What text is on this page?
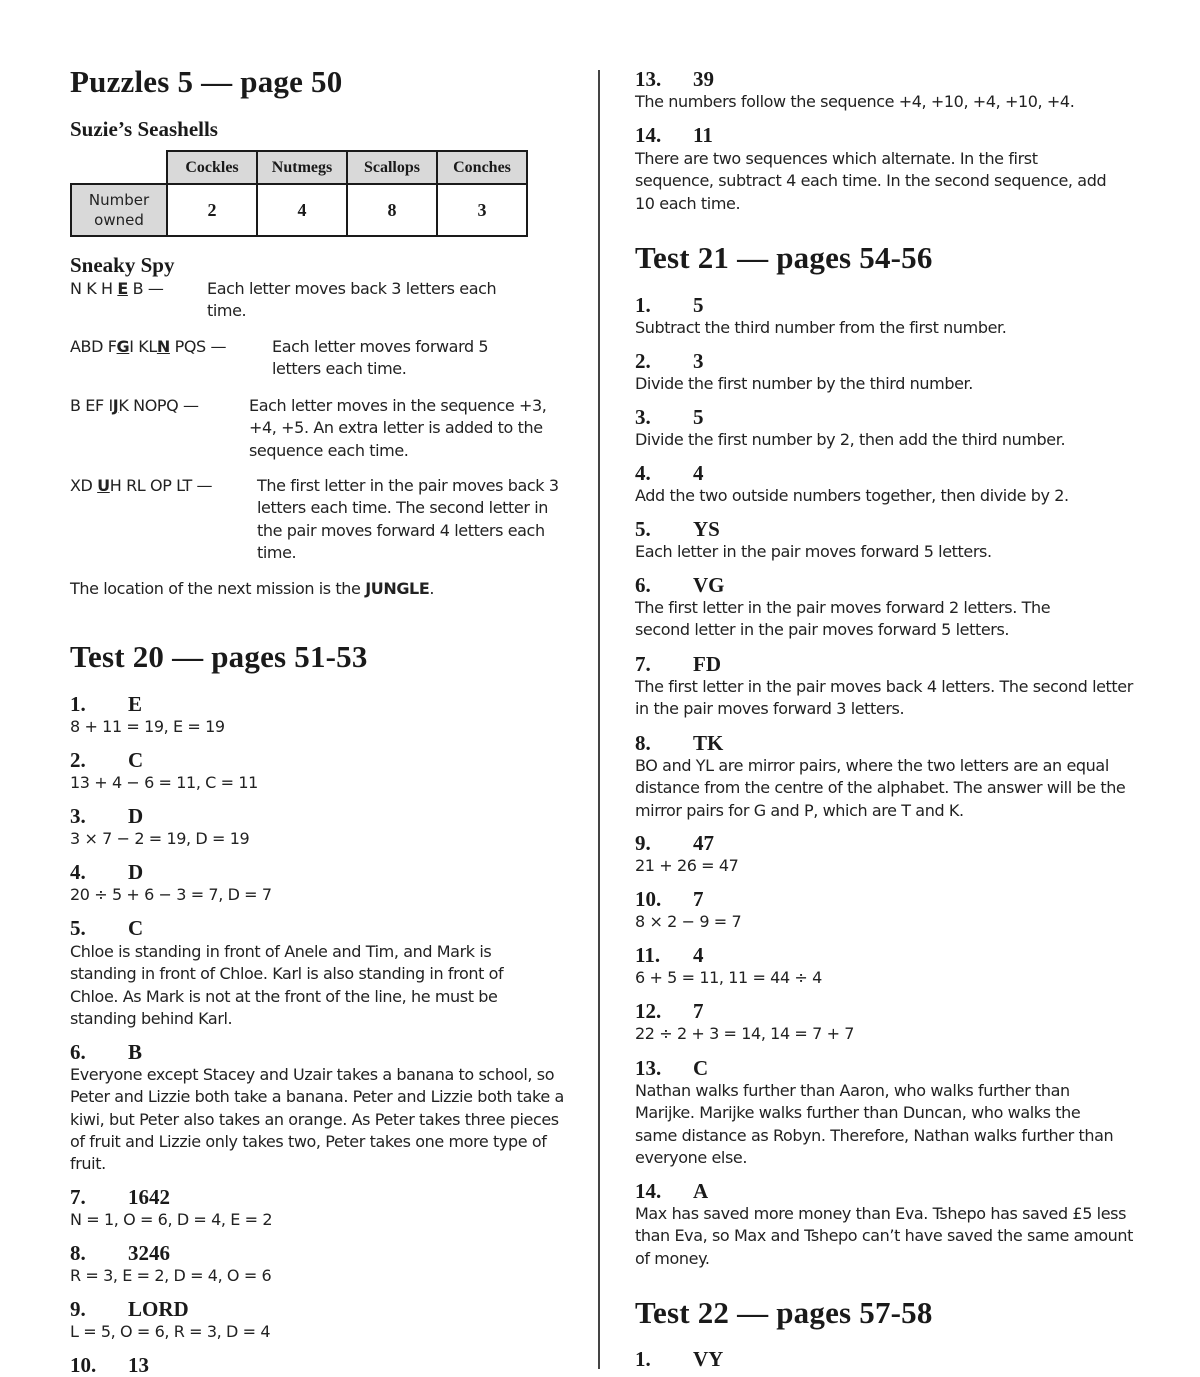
Puzzles 5 — page 50
Suzie’s Seashells
	Cockles	Nutmegs	Scallops	Conches
Number
owned	2	4	8	3
Sneaky Spy
N K H E B —	Each letter moves back 3 letters each time.
ABD FGI KLN PQS —	Each letter moves forward 5 letters each time.
B EF IJK NOPQ —	Each letter moves in the sequence +3, +4, +5. An extra letter is added to the sequence each time.
XD UH RL OP LT —	The first letter in the pair moves back 3 letters each time. The second letter in the pair moves forward 4 letters each time.
The location of the next mission is the JUNGLE.
Test 20 — pages 51-53
1. E
8 + 11 = 19, E = 19
2. C
13 + 4 − 6 = 11, C = 11
3. D
3 × 7 − 2 = 19, D = 19
4. D
20 ÷ 5 + 6 − 3 = 7, D = 7
5. C
Chloe is standing in front of Anele and Tim, and Mark is standing in front of Chloe. Karl is also standing in front of Chloe. As Mark is not at the front of the line, he must be standing behind Karl.
6. B
Everyone except Stacey and Uzair takes a banana to school, so Peter and Lizzie both take a banana. Peter and Lizzie both take a kiwi, but Peter also takes an orange. As Peter takes three pieces of fruit and Lizzie only takes two, Peter takes one more type of fruit.
7. 1642
N = 1, O = 6, D = 4, E = 2
8. 3246
R = 3, E = 2, D = 4, O = 6
9. LORD
L = 5, O = 6, R = 3, D = 4
10. 13
13. 39
The numbers follow the sequence +4, +10, +4, +10, +4.
14. 11
There are two sequences which alternate. In the first sequence, subtract 4 each time. In the second sequence, add 10 each time.
Test 21 — pages 54-56
1. 5
Subtract the third number from the first number.
2. 3
Divide the first number by the third number.
3. 5
Divide the first number by 2, then add the third number.
4. 4
Add the two outside numbers together, then divide by 2.
5. YS
Each letter in the pair moves forward 5 letters.
6. VG
The first letter in the pair moves forward 2 letters. The second letter in the pair moves forward 5 letters.
7. FD
The first letter in the pair moves back 4 letters. The second letter in the pair moves forward 3 letters.
8. TK
BO and YL are mirror pairs, where the two letters are an equal distance from the centre of the alphabet. The answer will be the mirror pairs for G and P, which are T and K.
9. 47
21 + 26 = 47
10. 7
8 × 2 − 9 = 7
11. 4
6 + 5 = 11, 11 = 44 ÷ 4
12. 7
22 ÷ 2 + 3 = 14, 14 = 7 + 7
13. C
Nathan walks further than Aaron, who walks further than Marijke. Marijke walks further than Duncan, who walks the same distance as Robyn. Therefore, Nathan walks further than everyone else.
14. A
Max has saved more money than Eva. Tshepo has saved £5 less than Eva, so Max and Tshepo can’t have saved the same amount of money.
Test 22 — pages 57-58
1. VY
